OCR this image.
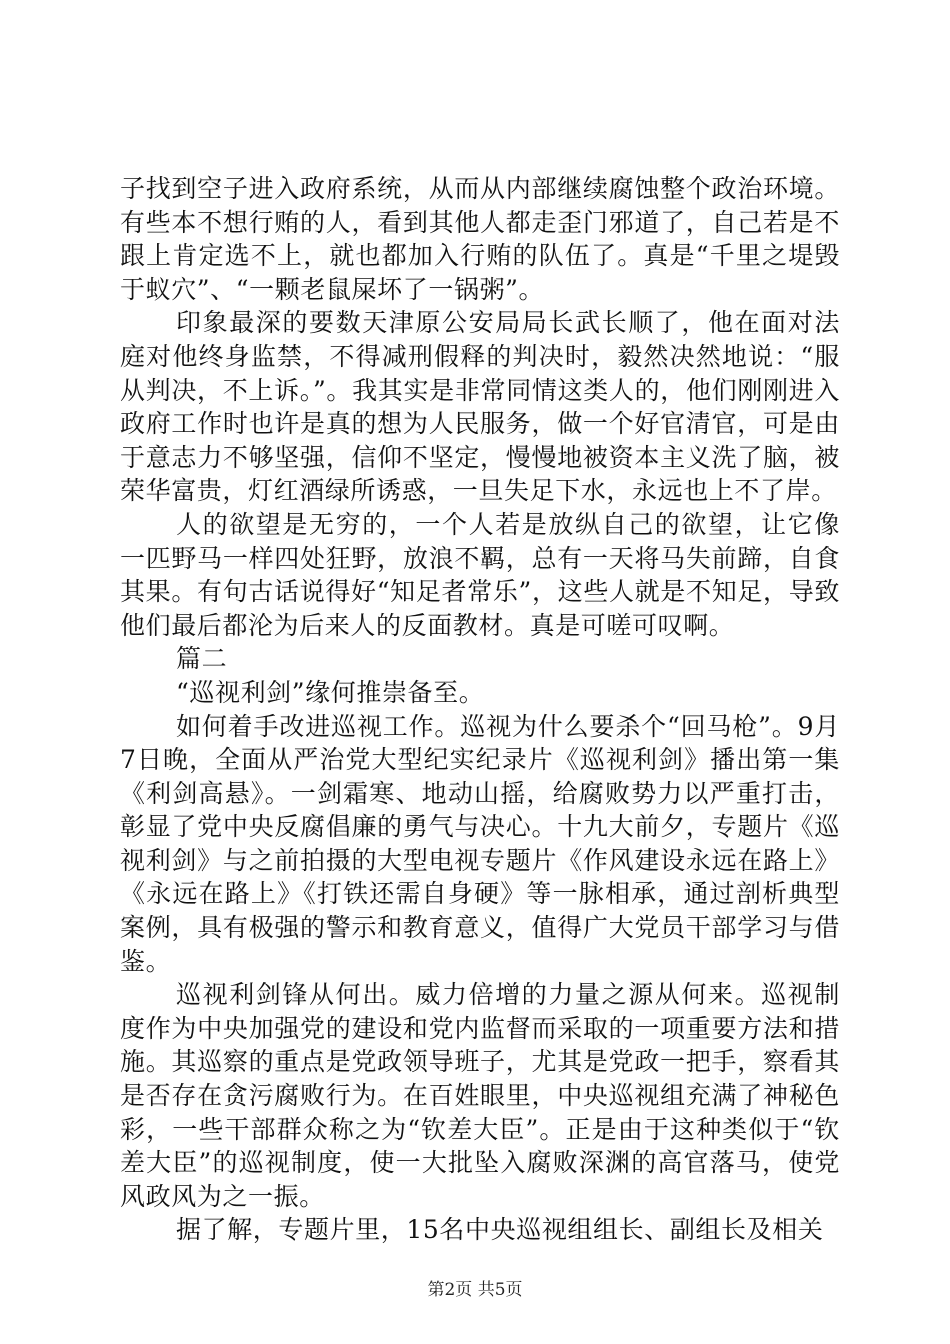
子找到空子进入政府系统，从而从内部继续腐蚀整个政治环境。有些本不想行贿的人，看到其他人都走歪门邪道了，自己若是不跟上肯定选不上，就也都加入行贿的队伍了。真是“千里之堤毁于蚁穴”、“一颗老鼠屎坏了一锅粥”。

印象最深的要数天津原公安局局长武长顺了，他在面对法庭对他终身监禁，不得减刑假释的判决时，毅然决然地说：“服从判决，不上诉。”。我其实是非常同情这类人的，他们刚刚进入政府工作时也许是真的想为人民服务，做一个好官清官，可是由于意志力不够坚强，信仰不坚定，慢慢地被资本主义洗了脑，被荣华富贵，灯红酒绿所诱惑，一旦失足下水，永远也上不了岸。

人的欲望是无穷的，一个人若是放纵自己的欲望，让它像一匹野马一样四处狂野，放浪不羁，总有一天将马失前蹄，自食其果。有句古话说得好“知足者常乐”，这些人就是不知足，导致他们最后都沦为后来人的反面教材。真是可嗟可叹啊。

篇二

“巡视利剑”缘何推崇备至。

如何着手改进巡视工作。巡视为什么要杀个“回马枪”。9月7日晚，全面从严治党大型纪实纪录片《巡视利剑》播出第一集《利剑高悬》。一剑霜寒、地动山摇，给腐败势力以严重打击，彰显了党中央反腐倡廉的勇气与决心。十九大前夕，专题片《巡视利剑》与之前拍摄的大型电视专题片《作风建设永远在路上》《永远在路上》《打铁还需自身硬》等一脉相承，通过剖析典型案例，具有极强的警示和教育意义，值得广大党员干部学习与借鉴。

巡视利剑锋从何出。威力倍增的力量之源从何来。巡视制度作为中央加强党的建设和党内监督而采取的一项重要方法和措施。其巡察的重点是党政领导班子，尤其是党政一把手，察看其是否存在贪污腐败行为。在百姓眼里，中央巡视组充满了神秘色彩，一些干部群众称之为“钦差大臣”。正是由于这种类似于“钦差大臣”的巡视制度，使一大批坠入腐败深渊的高官落马，使党风政风为之一振。

据了解，专题片里，15名中央巡视组组长、副组长及相关

第2页 共5页
